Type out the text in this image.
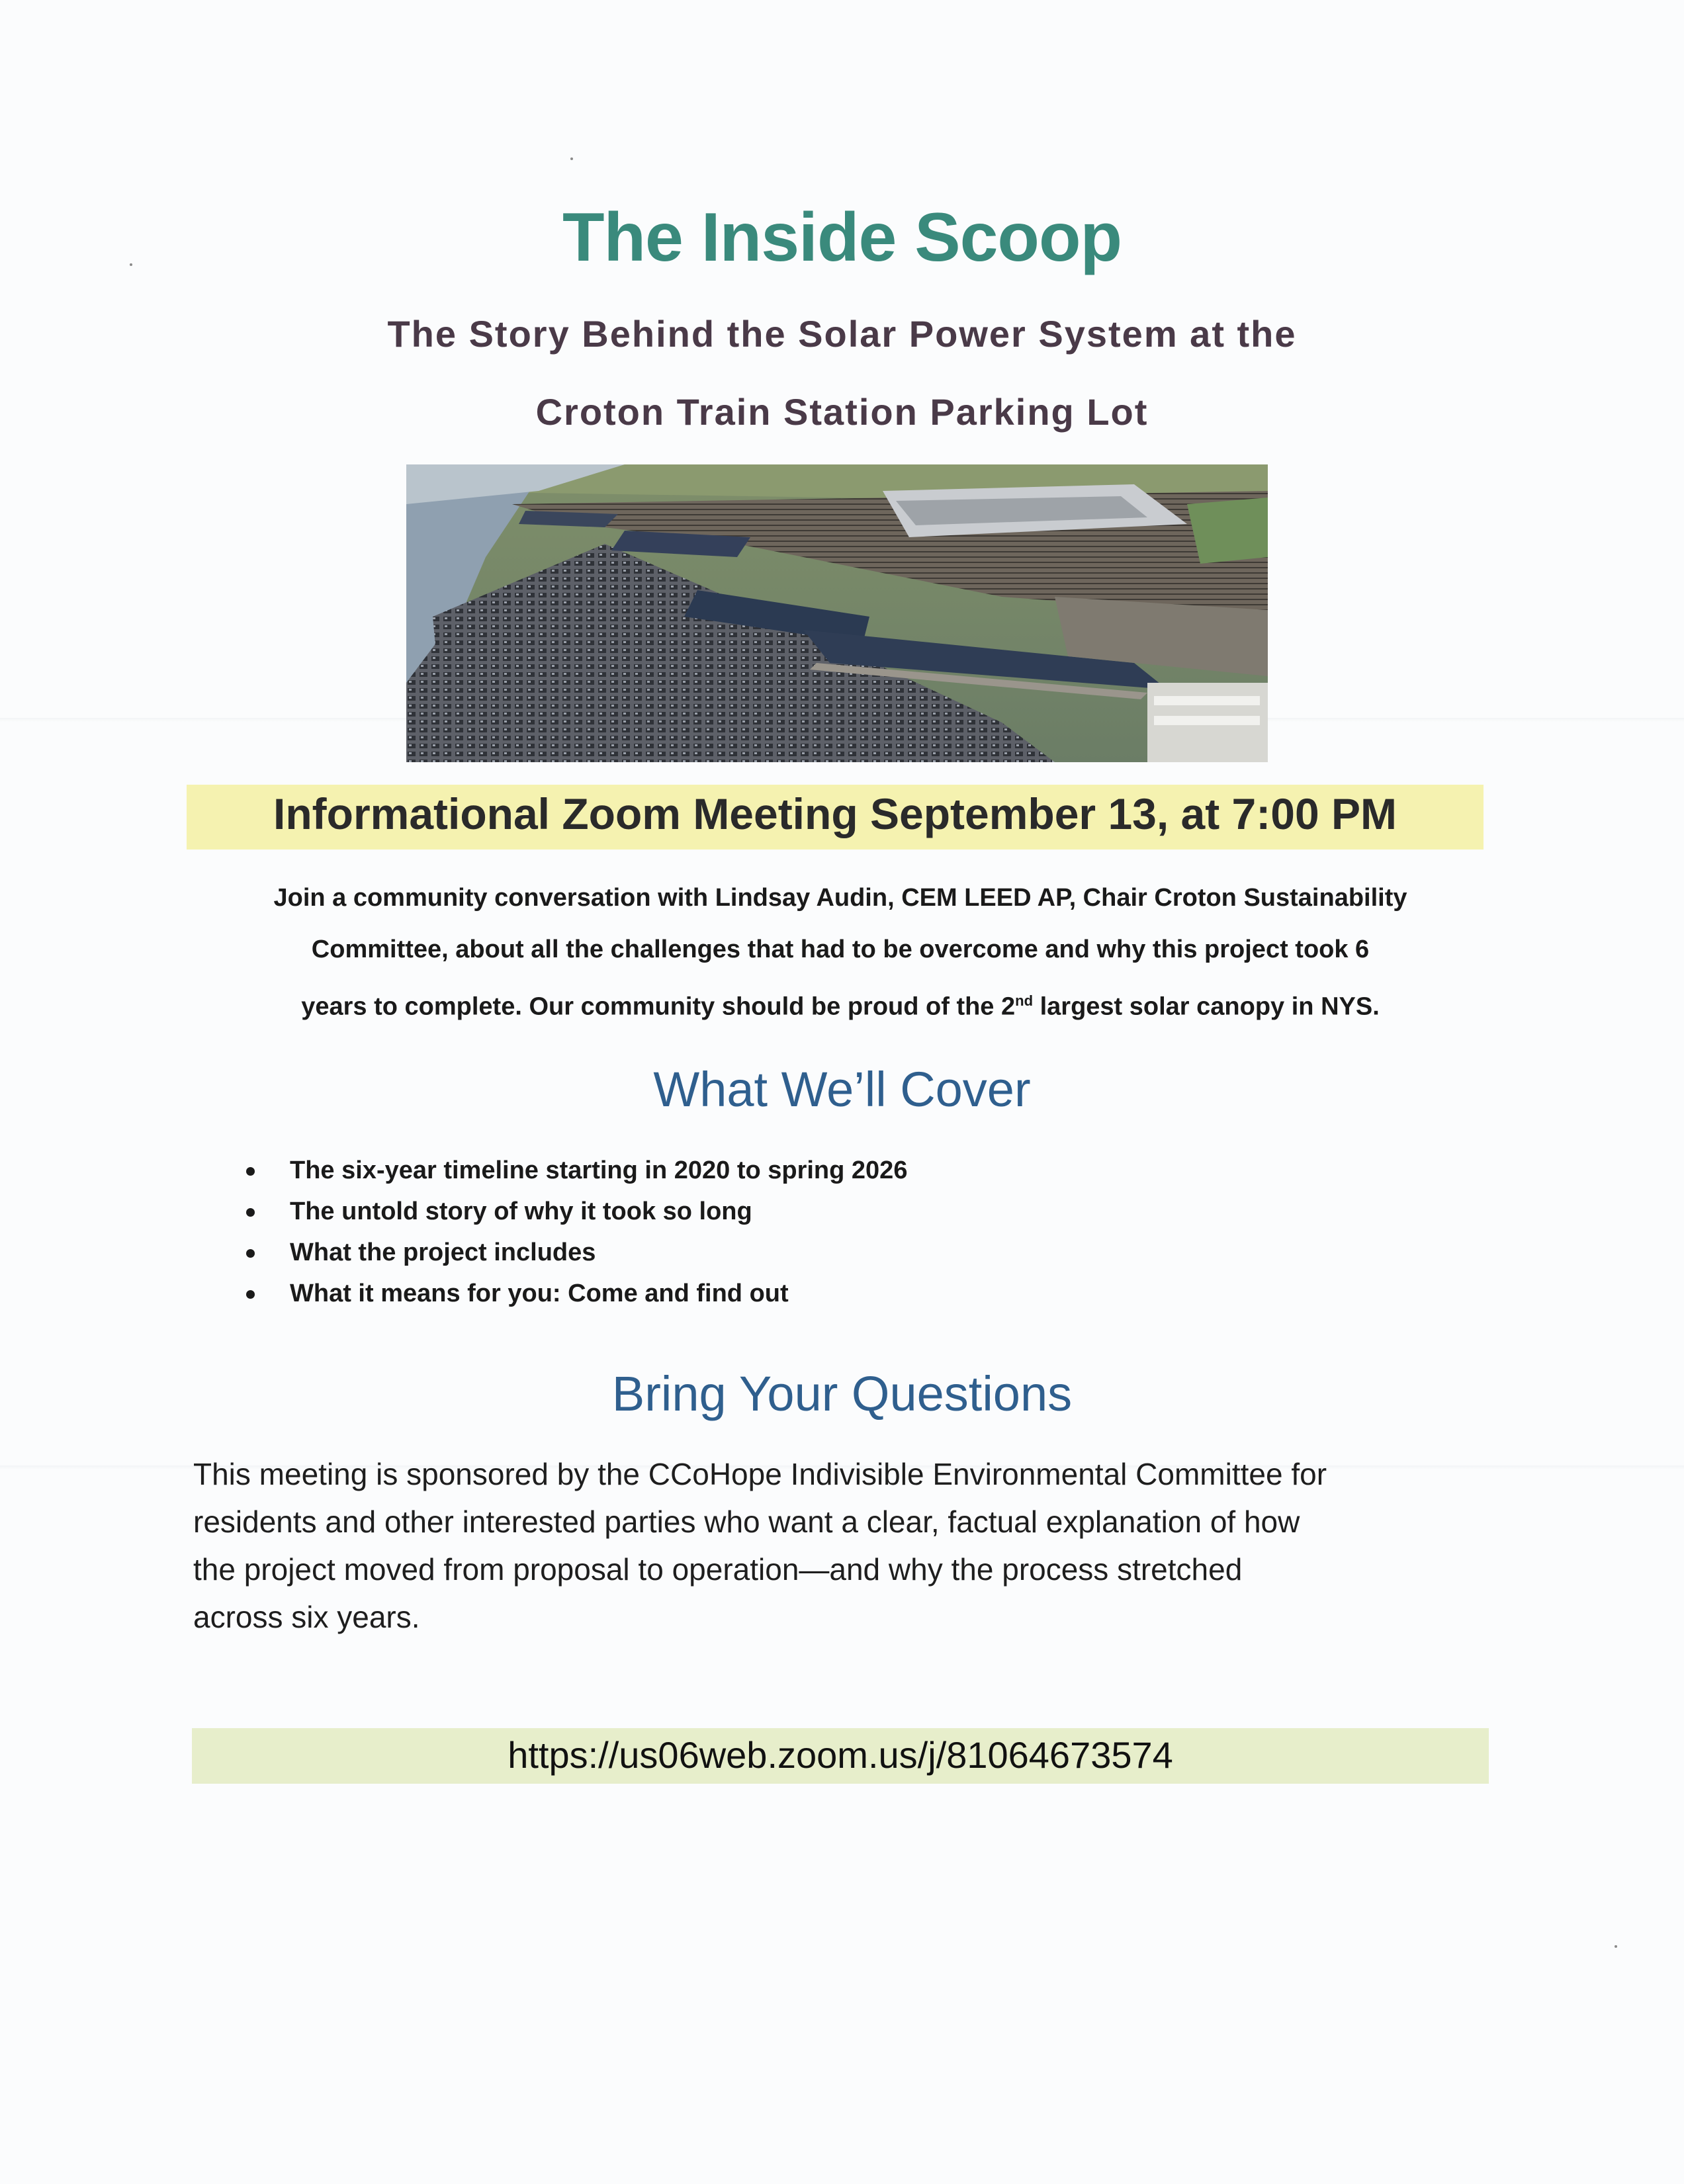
The Inside Scoop
The Story Behind the Solar Power System at the
Croton Train Station Parking Lot
Informational Zoom Meeting September 13, at 7:00 PM
Join a community conversation with Lindsay Audin, CEM LEED AP, Chair Croton Sustainability
Committee, about all the challenges that had to be overcome and why this project took 6
years to complete. Our community should be proud of the 2nd largest solar canopy in NYS.
What We’ll Cover
The six-year timeline starting in 2020 to spring 2026
The untold story of why it took so long
What the project includes
What it means for you: Come and find out
Bring Your Questions
This meeting is sponsored by the CCoHope Indivisible Environmental Committee for
residents and other interested parties who want a clear, factual explanation of how
the project moved from proposal to operation—and why the process stretched
across six years.
https://us06web.zoom.us/j/81064673574
